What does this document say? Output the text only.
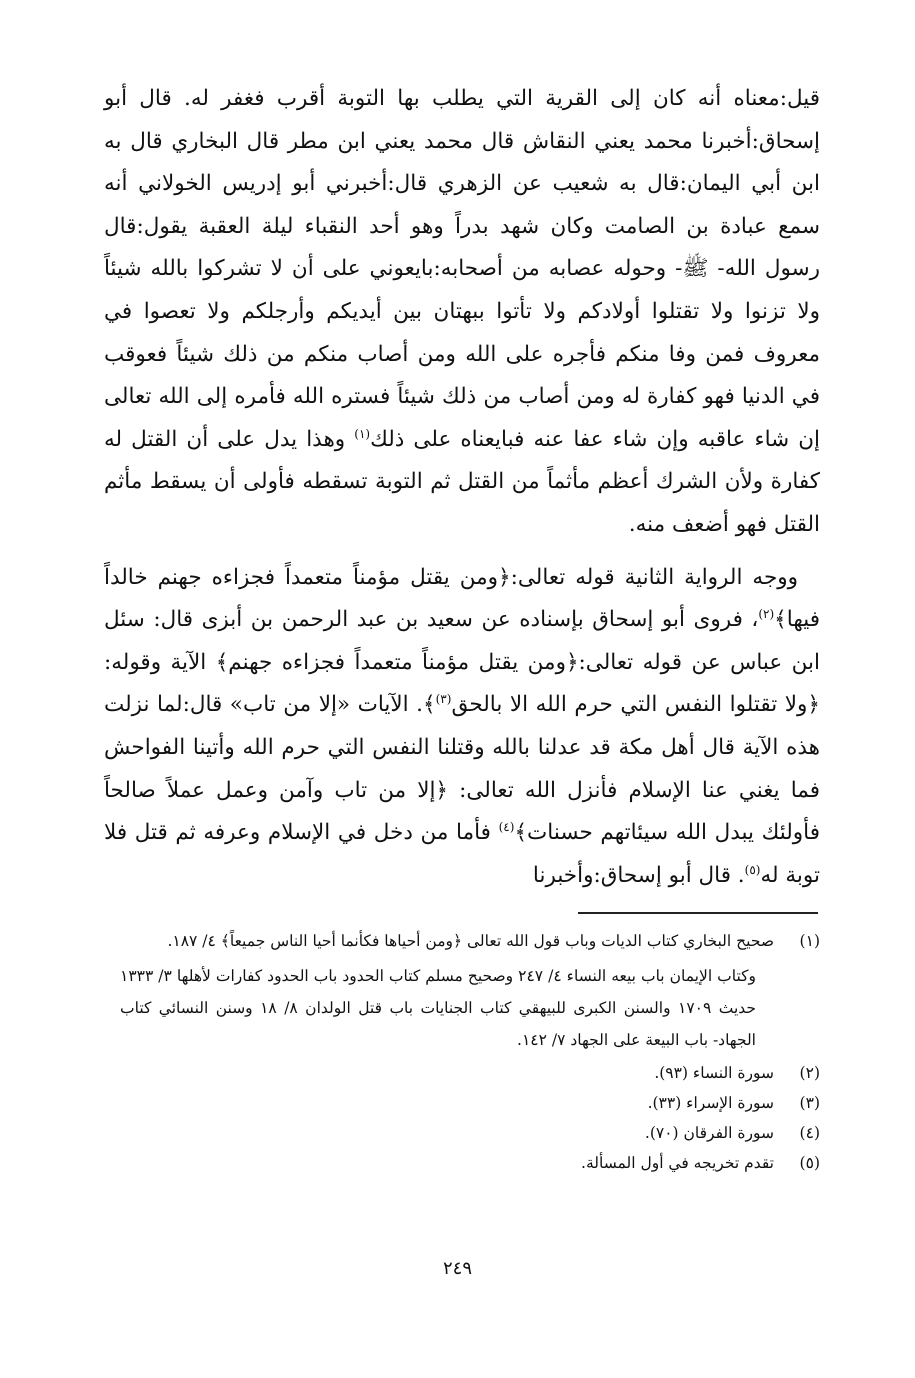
قيل:معناه أنه كان إلى القرية التي يطلب بها التوبة أقرب فغفر له. قال أبو إسحاق:أخبرنا محمد يعني النقاش قال محمد يعني ابن مطر قال البخاري قال به ابن أبي اليمان:قال به شعيب عن الزهري قال:أخبرني أبو إدريس الخولاني أنه سمع عبادة بن الصامت وكان شهد بدراً وهو أحد النقباء ليلة العقبة يقول:قال رسول الله- ﷺ- وحوله عصابه من أصحابه:بايعوني على أن لا تشركوا بالله شيئاً ولا تزنوا ولا تقتلوا أولادكم ولا تأتوا ببهتان بين أيديكم وأرجلكم ولا تعصوا في معروف فمن وفا منكم فأجره على الله ومن أصاب منكم من ذلك شيئاً فعوقب في الدنيا فهو كفارة له ومن أصاب من ذلك شيئاً فستره الله فأمره إلى الله تعالى إن شاء عاقبه وإن شاء عفا عنه فبايعناه على ذلك$^{(١)}$ وهذا يدل على أن القتل له كفارة ولأن الشرك أعظم مأثماً من القتل ثم التوبة تسقطه فأولى أن يسقط مأثم القتل فهو أضعف منه.

ووجه الرواية الثانية قوله تعالى:﴿ومن يقتل مؤمناً متعمداً فجزاءه جهنم خالداً فيها﴾$^{(٢)}$، فروى أبو إسحاق بإسناده عن سعيد بن عبد الرحمن بن أبزى قال: سئل ابن عباس عن قوله تعالى:﴿ومن يقتل مؤمناً متعمداً فجزاءه جهنم﴾ الآية وقوله:﴿ولا تقتلوا النفس التي حرم الله الا بالحق$^{(٣)}$﴾. الآيات «إلا من تاب» قال:لما نزلت هذه الآية قال أهل مكة قد عدلنا بالله وقتلنا النفس التي حرم الله وأتينا الفواحش فما يغني عنا الإسلام فأنزل الله تعالى: ﴿إلا من تاب وآمن وعمل عملاً صالحاً فأولئك يبدل الله سيئاتهم حسنات﴾$^{(٤)}$ فأما من دخل في الإسلام وعرفه ثم قتل فلا توبة له$^{(٥)}$. قال أبو إسحاق:وأخبرنا

(١)
صحيح البخاري كتاب الديات وباب قول الله تعالى ﴿ومن أحياها فكأنما أحيا الناس جميعاً﴾ ٤/ ١٨٧.
وكتاب الإيمان باب بيعه النساء ٤/ ٢٤٧ وصحيح مسلم كتاب الحدود باب الحدود كفارات لأهلها ٣/ ١٣٣٣ حديث ١٧٠٩ والسنن الكبرى للبيهقي كتاب الجنايات باب قتل الولدان ٨/ ١٨ وسنن النسائي كتاب الجهاد- باب البيعة على الجهاد ٧/ ١٤٢.
(٢)
سورة النساء (٩٣).
(٣)
سورة الإسراء (٣٣).
(٤)
سورة الفرقان (٧٠).
(٥)
تقدم تخريجه في أول المسألة.
٢٤٩
